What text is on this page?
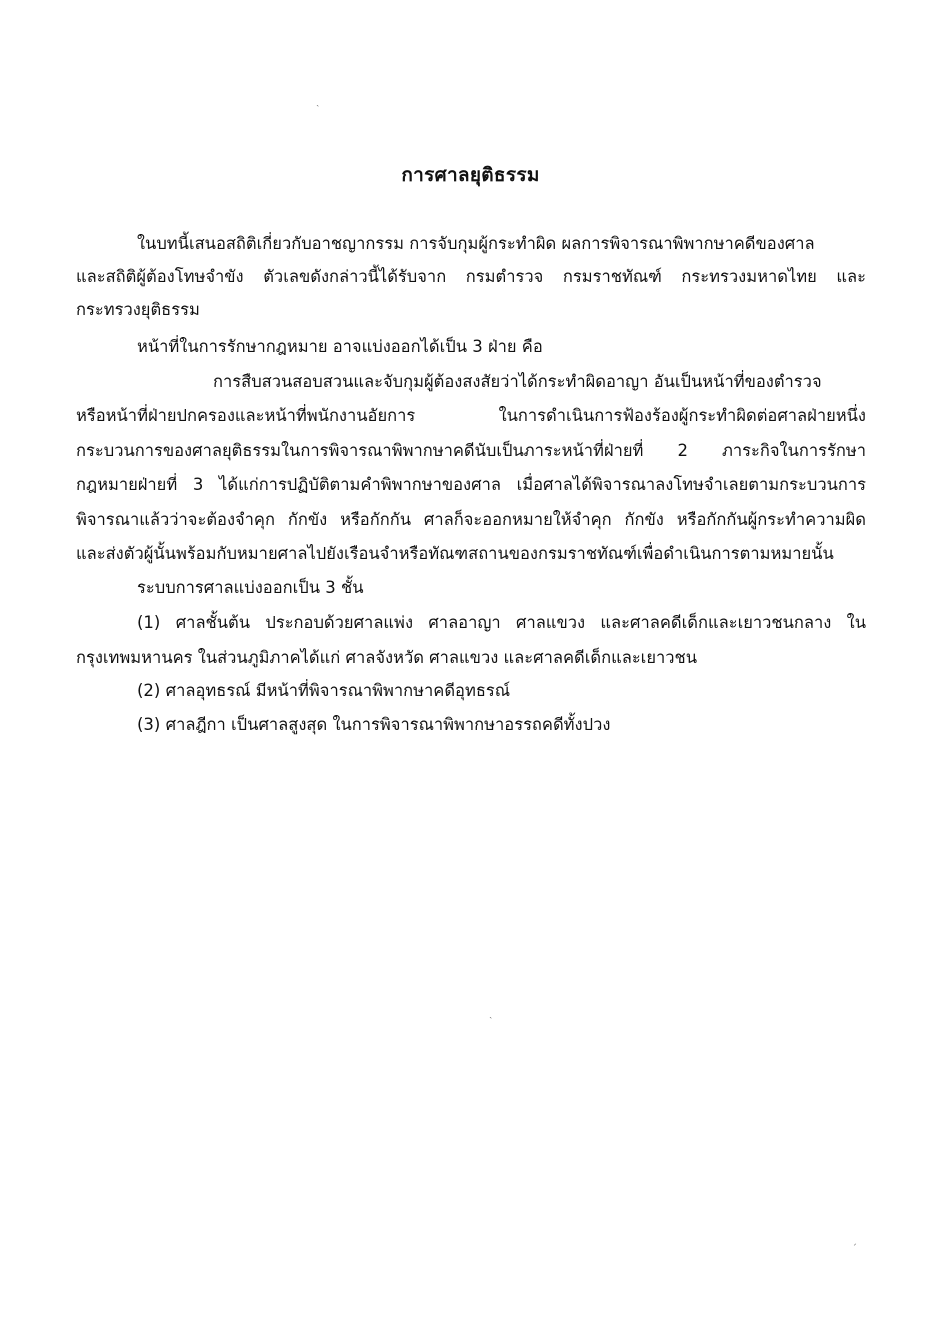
การศาลยุติธรรม
ในบทนี้เสนอสถิติเกี่ยวกับอาชญากรรม การจับกุมผู้กระทำผิด ผลการพิจารณาพิพากษาคดีของศาล
และสถิติผู้ต้องโทษจำขัง ตัวเลขดังกล่าวนี้ได้รับจาก กรมตำรวจ กรมราชทัณฑ์ กระทรวงมหาดไทย และ
กระทรวงยุติธรรม
หน้าที่ในการรักษากฎหมาย อาจแบ่งออกได้เป็น 3 ฝ่าย คือ
การสืบสวนสอบสวนและจับกุมผู้ต้องสงสัยว่าได้กระทำผิดอาญา อันเป็นหน้าที่ของตำรวจ
หรือหน้าที่ฝ่ายปกครองและหน้าที่พนักงานอัยการ ในการดำเนินการฟ้องร้องผู้กระทำผิดต่อศาลฝ่ายหนึ่ง
กระบวนการของศาลยุติธรรมในการพิจารณาพิพากษาคดีนับเป็นภาระหน้าที่ฝ่ายที่ 2 ภาระกิจในการรักษา
กฎหมายฝ่ายที่ 3 ได้แก่การปฏิบัติตามคำพิพากษาของศาล เมื่อศาลได้พิจารณาลงโทษจำเลยตามกระบวนการ
พิจารณาแล้วว่าจะต้องจำคุก กักขัง หรือกักกัน ศาลก็จะออกหมายให้จำคุก กักขัง หรือกักกันผู้กระทำความผิด
และส่งตัวผู้นั้นพร้อมกับหมายศาลไปยังเรือนจำหรือทัณฑสถานของกรมราชทัณฑ์เพื่อดำเนินการตามหมายนั้น
ระบบการศาลแบ่งออกเป็น 3 ชั้น
(1) ศาลชั้นต้น ประกอบด้วยศาลแพ่ง ศาลอาญา ศาลแขวง และศาลคดีเด็กและเยาวชนกลาง ใน
กรุงเทพมหานคร ในส่วนภูมิภาคได้แก่ ศาลจังหวัด ศาลแขวง และศาลคดีเด็กและเยาวชน
(2) ศาลอุทธรณ์ มีหน้าที่พิจารณาพิพากษาคดีอุทธรณ์
(3) ศาลฎีกา เป็นศาลสูงสุด ในการพิจารณาพิพากษาอรรถคดีทั้งปวง
˴
˴
ˏ
